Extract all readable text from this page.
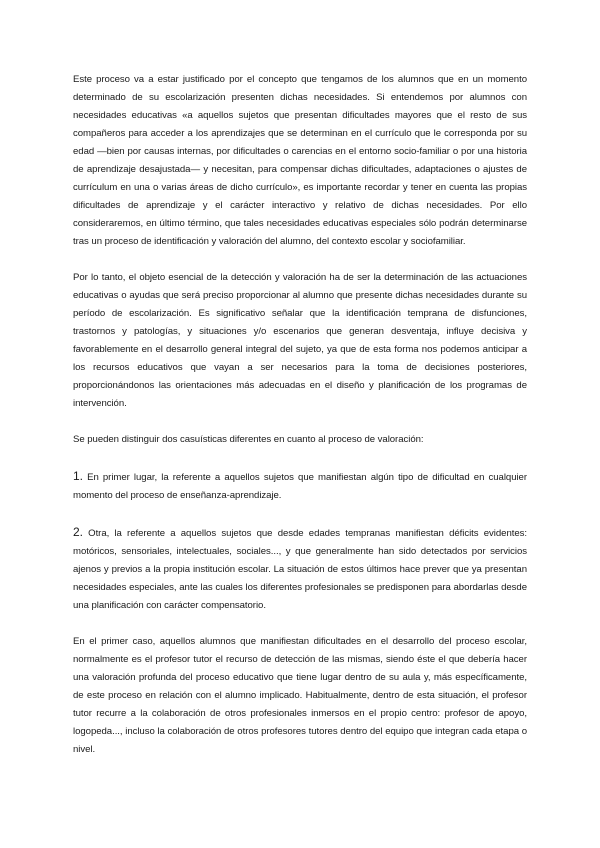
Este proceso va a estar justificado por el concepto que tengamos de los alumnos que en un momento determinado de su escolarización presenten dichas necesidades. Si entendemos por alumnos con necesidades educativas «a aquellos sujetos que presentan dificultades mayores que el resto de sus compañeros para acceder a los aprendizajes que se determinan en el currículo que le corresponda por su edad —bien por causas internas, por dificultades o carencias en el entorno socio-familiar o por una historia de aprendizaje desajustada— y necesitan, para compensar dichas dificultades, adaptaciones o ajustes de currículum en una o varias áreas de dicho currículo», es importante recordar y tener en cuenta las propias dificultades de aprendizaje y el carácter interactivo y relativo de dichas necesidades. Por ello consideraremos, en último término, que tales necesidades educativas especiales sólo podrán determinarse tras un proceso de identificación y valoración del alumno, del contexto escolar y sociofamiliar.

Por lo tanto, el objeto esencial de la detección y valoración ha de ser la determinación de las actuaciones educativas o ayudas que será preciso proporcionar al alumno que presente dichas necesidades durante su período de escolarización. Es significativo señalar que la identificación temprana de disfunciones, trastornos y patologías, y situaciones y/o escenarios que generan desventaja, influye decisiva y favorablemente en el desarrollo general integral del sujeto, ya que de esta forma nos podemos anticipar a los recursos educativos que vayan a ser necesarios para la toma de decisiones posteriores, proporcionándonos las orientaciones más adecuadas en el diseño y planificación de los programas de intervención.

Se pueden distinguir dos casuísticas diferentes en cuanto al proceso de valoración:

1. En primer lugar, la referente a aquellos sujetos que manifiestan algún tipo de dificultad en cualquier momento del proceso de enseñanza-aprendizaje.

2. Otra, la referente a aquellos sujetos que desde edades tempranas manifiestan déficits evidentes: motóricos, sensoriales, intelectuales, sociales..., y que generalmente han sido detectados por servicios ajenos y previos a la propia institución escolar. La situación de estos últimos hace prever que ya presentan necesidades especiales, ante las cuales los diferentes profesionales se predisponen para abordarlas desde una planificación con carácter compensatorio.

En el primer caso, aquellos alumnos que manifiestan dificultades en el desarrollo del proceso escolar, normalmente es el profesor tutor el recurso de detección de las mismas, siendo éste el que debería hacer una valoración profunda del proceso educativo que tiene lugar dentro de su aula y, más específicamente, de este proceso en relación con el alumno implicado. Habitualmente, dentro de esta situación, el profesor tutor recurre a la colaboración de otros profesionales inmersos en el propio centro: profesor de apoyo, logopeda..., incluso la colaboración de otros profesores tutores dentro del equipo que integran cada etapa o nivel.
